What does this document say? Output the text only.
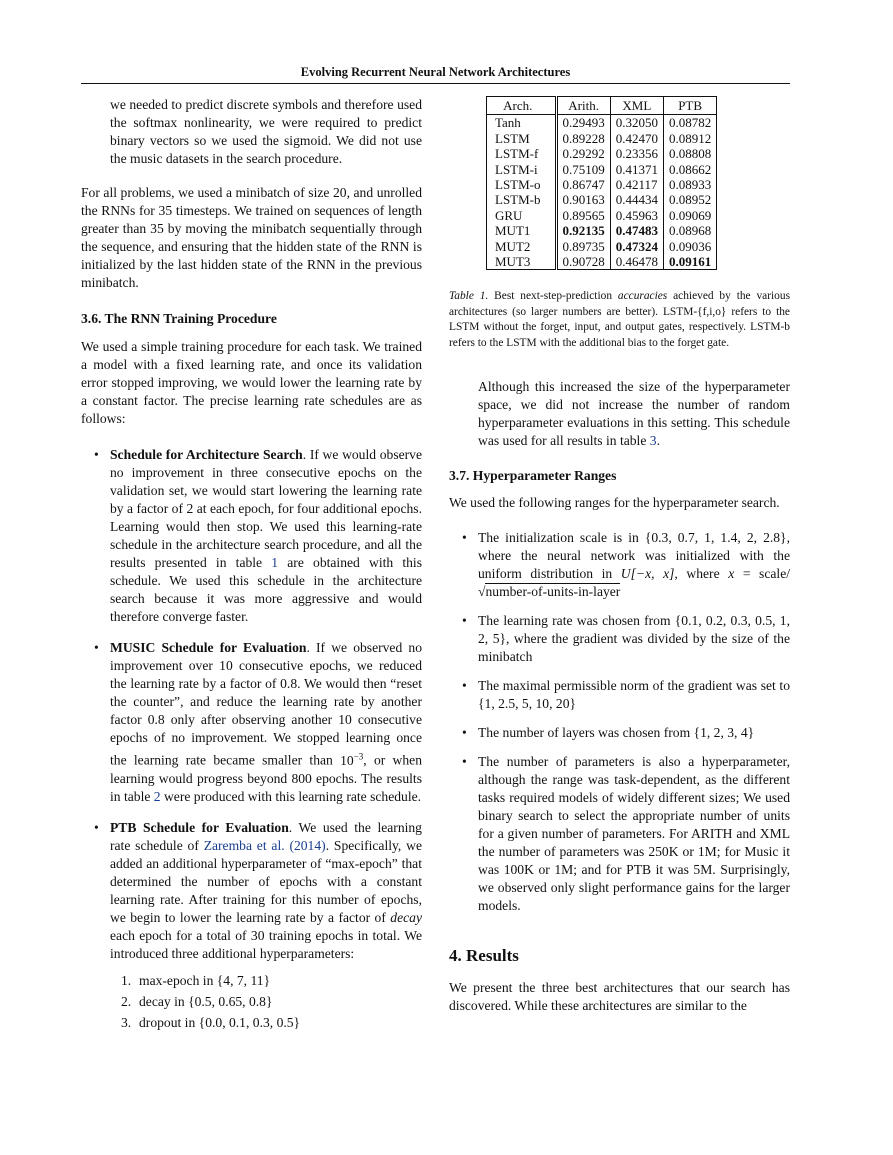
Evolving Recurrent Neural Network Architectures

we needed to predict discrete symbols and therefore used the softmax nonlinearity, we were required to predict binary vectors so we used the sigmoid. We did not use the music datasets in the search procedure.

For all problems, we used a minibatch of size 20, and unrolled the RNNs for 35 timesteps. We trained on sequences of length greater than 35 by moving the minibatch sequentially through the sequence, and ensuring that the hidden state of the RNN is initialized by the last hidden state of the RNN in the previous minibatch.

3.6. The RNN Training Procedure

We used a simple training procedure for each task. We trained a model with a fixed learning rate, and once its validation error stopped improving, we would lower the learning rate by a constant factor. The precise learning rate schedules are as follows:

• Schedule for Architecture Search. If we would observe no improvement in three consecutive epochs on the validation set, we would start lowering the learning rate by a factor of 2 at each epoch, for four additional epochs. Learning would then stop. We used this learning-rate schedule in the architecture search procedure, and all the results presented in table 1 are obtained with this schedule. We used this schedule in the architecture search because it was more aggressive and would therefore converge faster.
• MUSIC Schedule for Evaluation. If we observed no improvement over 10 consecutive epochs, we reduced the learning rate by a factor of 0.8. We would then “reset the counter”, and reduce the learning rate by another factor 0.8 only after observing another 10 consecutive epochs of no improvement. We stopped learning once the learning rate became smaller than $10^{-3}$, or when learning would progress beyond 800 epochs. The results in table 2 were produced with this learning rate schedule.
• PTB Schedule for Evaluation. We used the learning rate schedule of Zaremba et al. (2014). Specifically, we added an additional hyperparameter of “max-epoch” that determined the number of epochs with a constant learning rate. After training for this number of epochs, we begin to lower the learning rate by a factor of decay each epoch for a total of 30 training epochs in total. We introduced three additional hyperparameters:
1. max-epoch in {4, 7, 11}
2. decay in {0.5, 0.65, 0.8}
3. dropout in {0.0, 0.1, 0.3, 0.5}
Arch.	Arith.	XML	PTB
Tanh	0.29493	0.32050	0.08782
LSTM	0.89228	0.42470	0.08912
LSTM-f	0.29292	0.23356	0.08808
LSTM-i	0.75109	0.41371	0.08662
LSTM-o	0.86747	0.42117	0.08933
LSTM-b	0.90163	0.44434	0.08952
GRU	0.89565	0.45963	0.09069
MUT1	0.92135	0.47483	0.08968
MUT2	0.89735	0.47324	0.09036
MUT3	0.90728	0.46478	0.09161

Table 1. Best next-step-prediction accuracies achieved by the various architectures (so larger numbers are better). LSTM-{f,i,o} refers to the LSTM without the forget, input, and output gates, respectively. LSTM-b refers to the LSTM with the additional bias to the forget gate.

Although this increased the size of the hyperparameter space, we did not increase the number of random hyperparameter evaluations in this setting. This schedule was used for all results in table 3.

3.7. Hyperparameter Ranges

We used the following ranges for the hyperparameter search.

• The initialization scale is in {0.3, 0.7, 1, 1.4, 2, 2.8}, where the neural network was initialized with the uniform distribution in U[−x, x], where x = scale/√number-of-units-in-layer
• The learning rate was chosen from {0.1, 0.2, 0.3, 0.5, 1, 2, 5}, where the gradient was divided by the size of the minibatch
• The maximal permissible norm of the gradient was set to {1, 2.5, 5, 10, 20}
• The number of layers was chosen from {1, 2, 3, 4}
• The number of parameters is also a hyperparameter, although the range was task-dependent, as the different tasks required models of widely different sizes; We used binary search to select the appropriate number of units for a given number of parameters. For ARITH and XML the number of parameters was 250K or 1M; for Music it was 100K or 1M; and for PTB it was 5M. Surprisingly, we observed only slight performance gains for the larger models.
4. Results

We present the three best architectures that our search has discovered. While these architectures are similar to the
